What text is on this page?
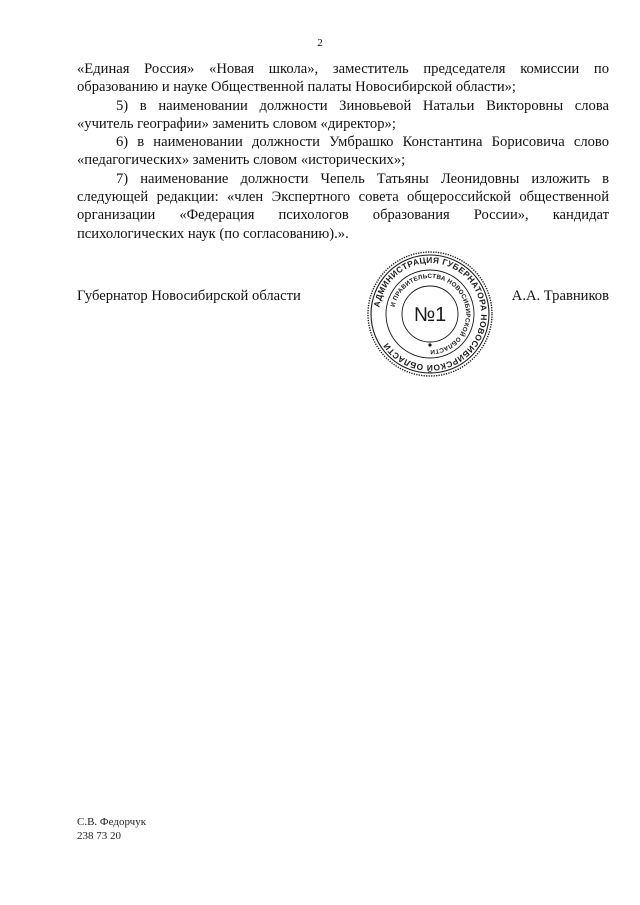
2

«Единая Россия» «Новая школа», заместитель председателя комиссии по образованию и науке Общественной палаты Новосибирской области»;

5) в наименовании должности Зиновьевой Натальи Викторовны слова «учитель географии» заменить словом «директор»;

6) в наименовании должности Умбрашко Константина Борисовича слово «педагогических» заменить словом «исторических»;

7) наименование должности Чепель Татьяны Леонидовны изложить в следующей редакции: «член Экспертного совета общероссийской общественной организации «Федерация психологов образования России», кандидат психологических наук (по согласованию).».

Губернатор Новосибирской области	АДМИНИСТРАЦИЯ ГУБЕРНАТОРА НОВОСИБИРСКОЙ ОБЛАСТИ
И ПРАВИТЕЛЬСТВА НОВОСИБИРСКОЙ ОБЛАСТИ
№1
А.А. Травников
С.В. Федорчук
238 73 20
